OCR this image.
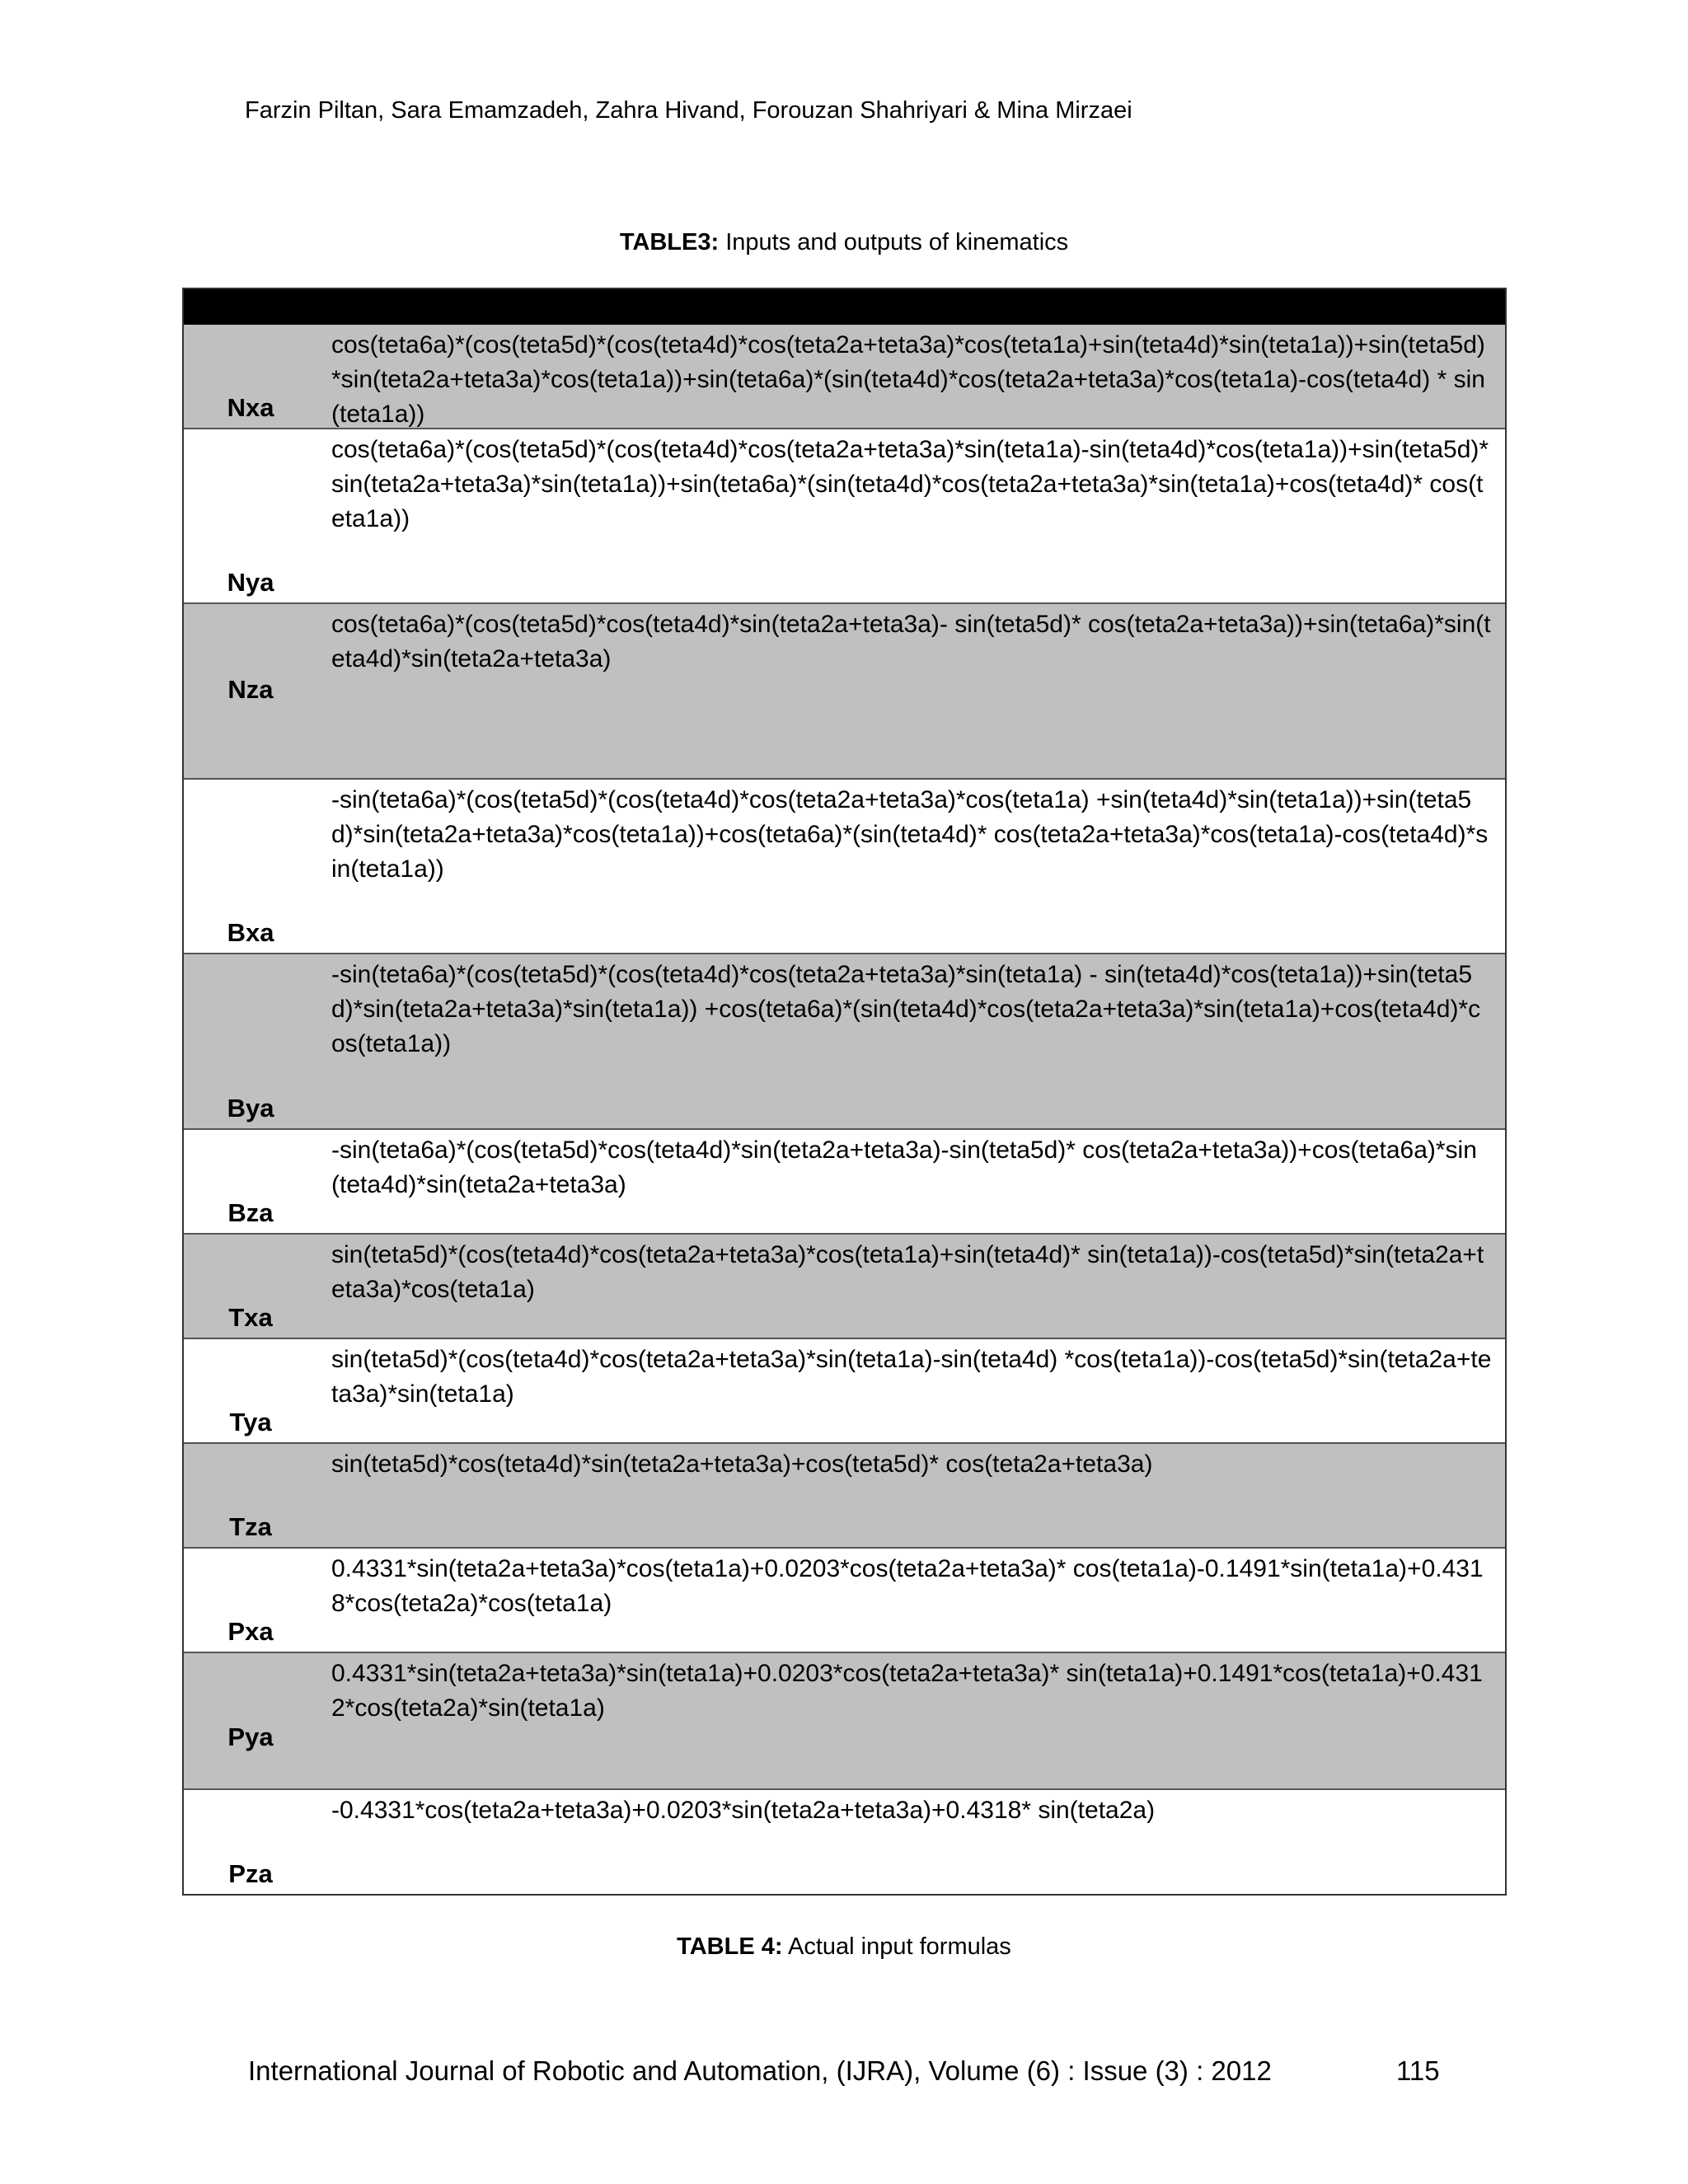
Farzin Piltan, Sara Emamzadeh, Zahra Hivand, Forouzan Shahriyari & Mina Mirzaei
TABLE3: Inputs and outputs of kinematics
Nxa
cos(teta6a)*(cos(teta5d)*(cos(teta4d)*cos(teta2a+teta3a)*cos(teta1a)+sin(teta4d)*sin(teta1a))+sin(teta5d)*sin(teta2a+teta3a)*cos(teta1a))+sin(teta6a)*(sin(teta4d)*cos(teta2a+teta3a)*cos(teta1a)-cos(teta4d) * sin(teta1a))
Nya
cos(teta6a)*(cos(teta5d)*(cos(teta4d)*cos(teta2a+teta3a)*sin(teta1a)-sin(teta4d)*cos(teta1a))+sin(teta5d)*sin(teta2a+teta3a)*sin(teta1a))+sin(teta6a)*(sin(teta4d)*cos(teta2a+teta3a)*sin(teta1a)+cos(teta4d)* cos(teta1a))
Nza
cos(teta6a)*(cos(teta5d)*cos(teta4d)*sin(teta2a+teta3a)- sin(teta5d)* cos(teta2a+teta3a))+sin(teta6a)*sin(teta4d)*sin(teta2a+teta3a)
Bxa
-sin(teta6a)*(cos(teta5d)*(cos(teta4d)*cos(teta2a+teta3a)*cos(teta1a) +sin(teta4d)*sin(teta1a))+sin(teta5d)*sin(teta2a+teta3a)*cos(teta1a))+cos(teta6a)*(sin(teta4d)* cos(teta2a+teta3a)*cos(teta1a)-cos(teta4d)*sin(teta1a))
Bya
-sin(teta6a)*(cos(teta5d)*(cos(teta4d)*cos(teta2a+teta3a)*sin(teta1a) - sin(teta4d)*cos(teta1a))+sin(teta5d)*sin(teta2a+teta3a)*sin(teta1a)) +cos(teta6a)*(sin(teta4d)*cos(teta2a+teta3a)*sin(teta1a)+cos(teta4d)*cos(teta1a))
Bza
-sin(teta6a)*(cos(teta5d)*cos(teta4d)*sin(teta2a+teta3a)-sin(teta5d)* cos(teta2a+teta3a))+cos(teta6a)*sin(teta4d)*sin(teta2a+teta3a)
Txa
sin(teta5d)*(cos(teta4d)*cos(teta2a+teta3a)*cos(teta1a)+sin(teta4d)* sin(teta1a))-cos(teta5d)*sin(teta2a+teta3a)*cos(teta1a)
Tya
sin(teta5d)*(cos(teta4d)*cos(teta2a+teta3a)*sin(teta1a)-sin(teta4d) *cos(teta1a))-cos(teta5d)*sin(teta2a+teta3a)*sin(teta1a)
Tza
sin(teta5d)*cos(teta4d)*sin(teta2a+teta3a)+cos(teta5d)* cos(teta2a+teta3a)
Pxa
0.4331*sin(teta2a+teta3a)*cos(teta1a)+0.0203*cos(teta2a+teta3a)* cos(teta1a)-0.1491*sin(teta1a)+0.4318*cos(teta2a)*cos(teta1a)
Pya
0.4331*sin(teta2a+teta3a)*sin(teta1a)+0.0203*cos(teta2a+teta3a)* sin(teta1a)+0.1491*cos(teta1a)+0.4312*cos(teta2a)*sin(teta1a)
Pza
-0.4331*cos(teta2a+teta3a)+0.0203*sin(teta2a+teta3a)+0.4318* sin(teta2a)
TABLE 4: Actual input formulas
International Journal of Robotic and Automation, (IJRA), Volume (6) : Issue (3) : 2012	115
